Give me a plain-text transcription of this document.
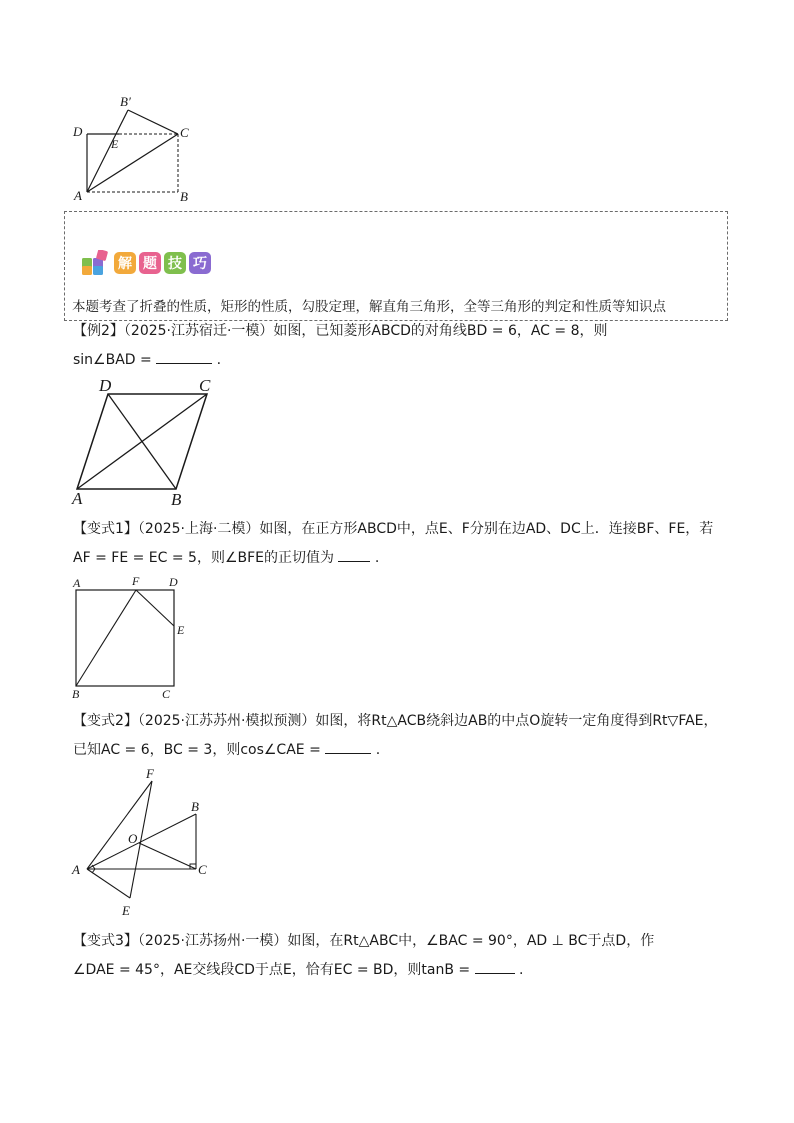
B′
D	C
E
A	B
解 题 技 巧
本题考查了折叠的性质，矩形的性质，勾股定理，解直角三角形，全等三角形的判定和性质等知识点
【例2】（2025·江苏宿迁·一模）如图，已知菱形ABCD的对角线BD = 6，AC = 8，则
sin∠BAD =	.
D	C
A	B
【变式1】（2025·上海·二模）如图，在正方形ABCD中，点E、F分别在边AD、DC上．连接BF、FE，若
AF = FE = EC = 5，则∠BFE的正切值为	.
A	F D
E
B	C
【变式2】（2025·江苏苏州·模拟预测）如图，将Rt△ACB绕斜边AB的中点O旋转一定角度得到Rt▽FAE，
已知AC = 6，BC = 3，则cos∠CAE =	.
F
B
O
A	C
E
【变式3】（2025·江苏扬州·一模）如图，在Rt△ABC中，∠BAC = 90°，AD ⊥ BC于点D，作
∠DAE = 45°，AE交线段CD于点E，恰有EC = BD，则tanB =	.
